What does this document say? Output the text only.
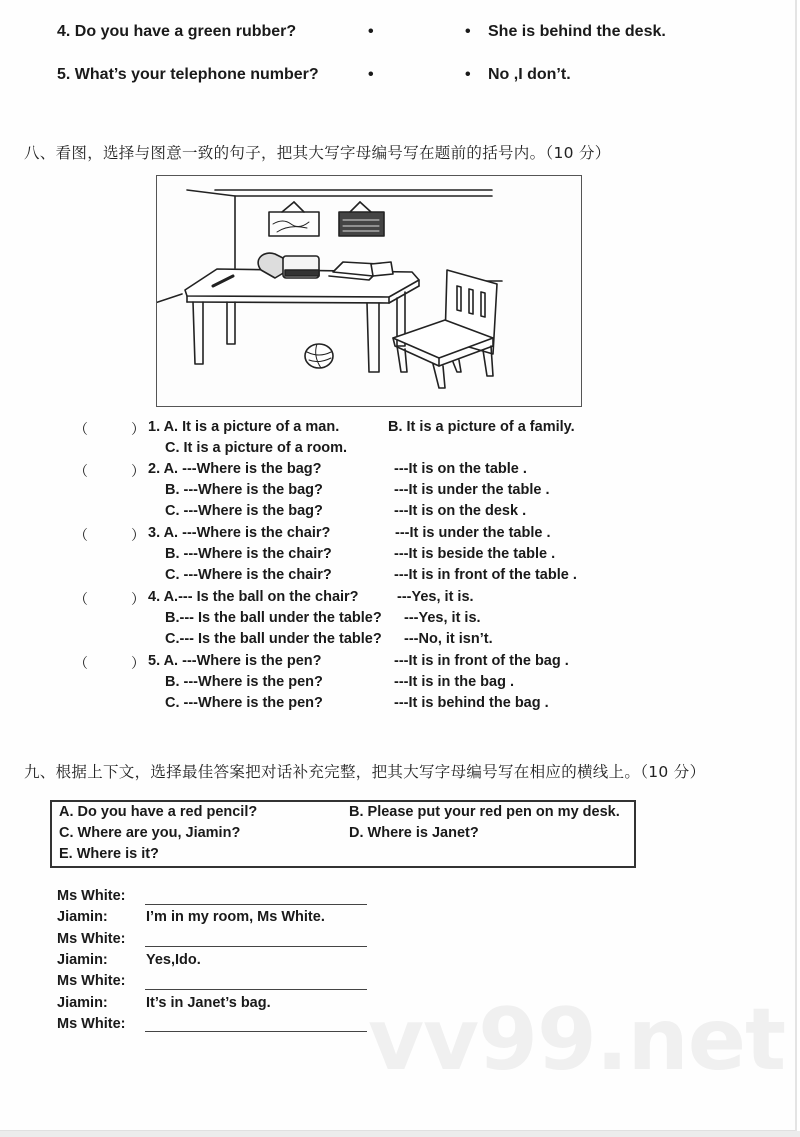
4. Do you have a green rubber?	•	• She is behind the desk.
5. What’s your telephone number?	•	• No ,I don’t.
八、看图，选择与图意一致的句子，把其大写字母编号写在题前的括号内。（10 分）
（	） 1. A. It is a picture of a man.	B. It is a picture of a family.
C. It is a picture of a room.
（	） 2. A. ---Where is the bag?	---It is on the table .
B. ---Where is the bag?	---It is under the table .
C. ---Where is the bag?	---It is on the desk .
（	） 3. A. ---Where is the chair?	---It is under the table .
B. ---Where is the chair?	---It is beside the table .
C. ---Where is the chair?	---It is in front of the table .
（	） 4. A.--- Is the ball on the chair?	---Yes, it is.
B.--- Is the ball under the table? ---Yes, it is.
C.--- Is the ball under the table? ---No, it isn’t.
（	） 5. A. ---Where is the pen?	---It is in front of the bag .
B. ---Where is the pen?	---It is in the bag .
C. ---Where is the pen?	---It is behind the bag .
九、根据上下文，选择最佳答案把对话补充完整，把其大写字母编号写在相应的横线上。（10 分）
A. Do you have a red pencil?	B. Please put your red pen on my desk.
C. Where are you, Jiamin?	D. Where is Janet?
E. Where is it?
Ms White:
Jiamin:	I’m in my room, Ms White.
Ms White:
Jiamin:	Yes,Ido.
Ms White:
Jiamin:	It’s in Janet’s bag.
Ms White:	vv99.net
